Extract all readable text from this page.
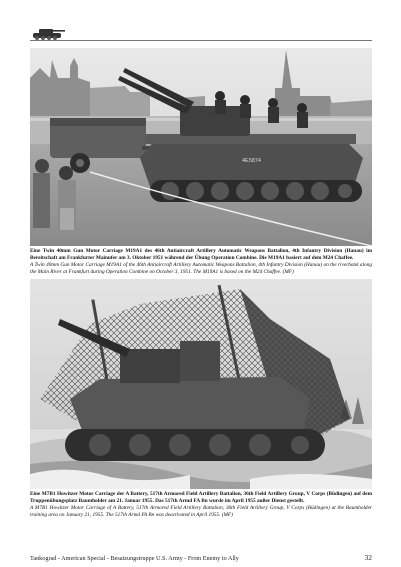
4E5874

Eine Twin 40mm Gun Motor Carriage M19A1 des 46th Antiaircraft Artillery Automatic Weapons Battalion, 4th Infantry Division (Hanau) im Bereitschaft am Frankfurter Mainufer am 3. Oktober 1951 während der Übung Operation Combine. Die M19A1 basiert auf dem M24 Chaffee.

A Twin 40mm Gun Motor Carriage M19A1 of the 46th Antiaircraft Artillery Automatic Weapons Battalion, 4th Infantry Division (Hanau) on the riverbank along the Main River at Frankfurt during Operation Combine on October 3, 1951. The M19A1 is based on the M24 Chaffee. (MF)

Eine M7B1 Howitzer Motor Carriage der A Battery, 517th Armored Field Artillery Battalion, 36th Field Artillery Group, V Corps (Büdingen) auf dem Truppenübungsplatz Baumholder am 21. Januar 1955. Das 517th Armd FA Bn wurde im April 1955 außer Dienst gestellt.

A M7B1 Howitzer Motor Carriage of A Battery, 517th Armored Field Artillery Battalion, 36th Field Artillery Group, V Corps (Büdingen) at the Baumholder training area on January 21, 1955. The 517th Armd FA Bn was deactivated in April 1955. (MF)

Tankograd - American Special - Besatzungstruppe U.S. Army - From Enemy to Ally	32
